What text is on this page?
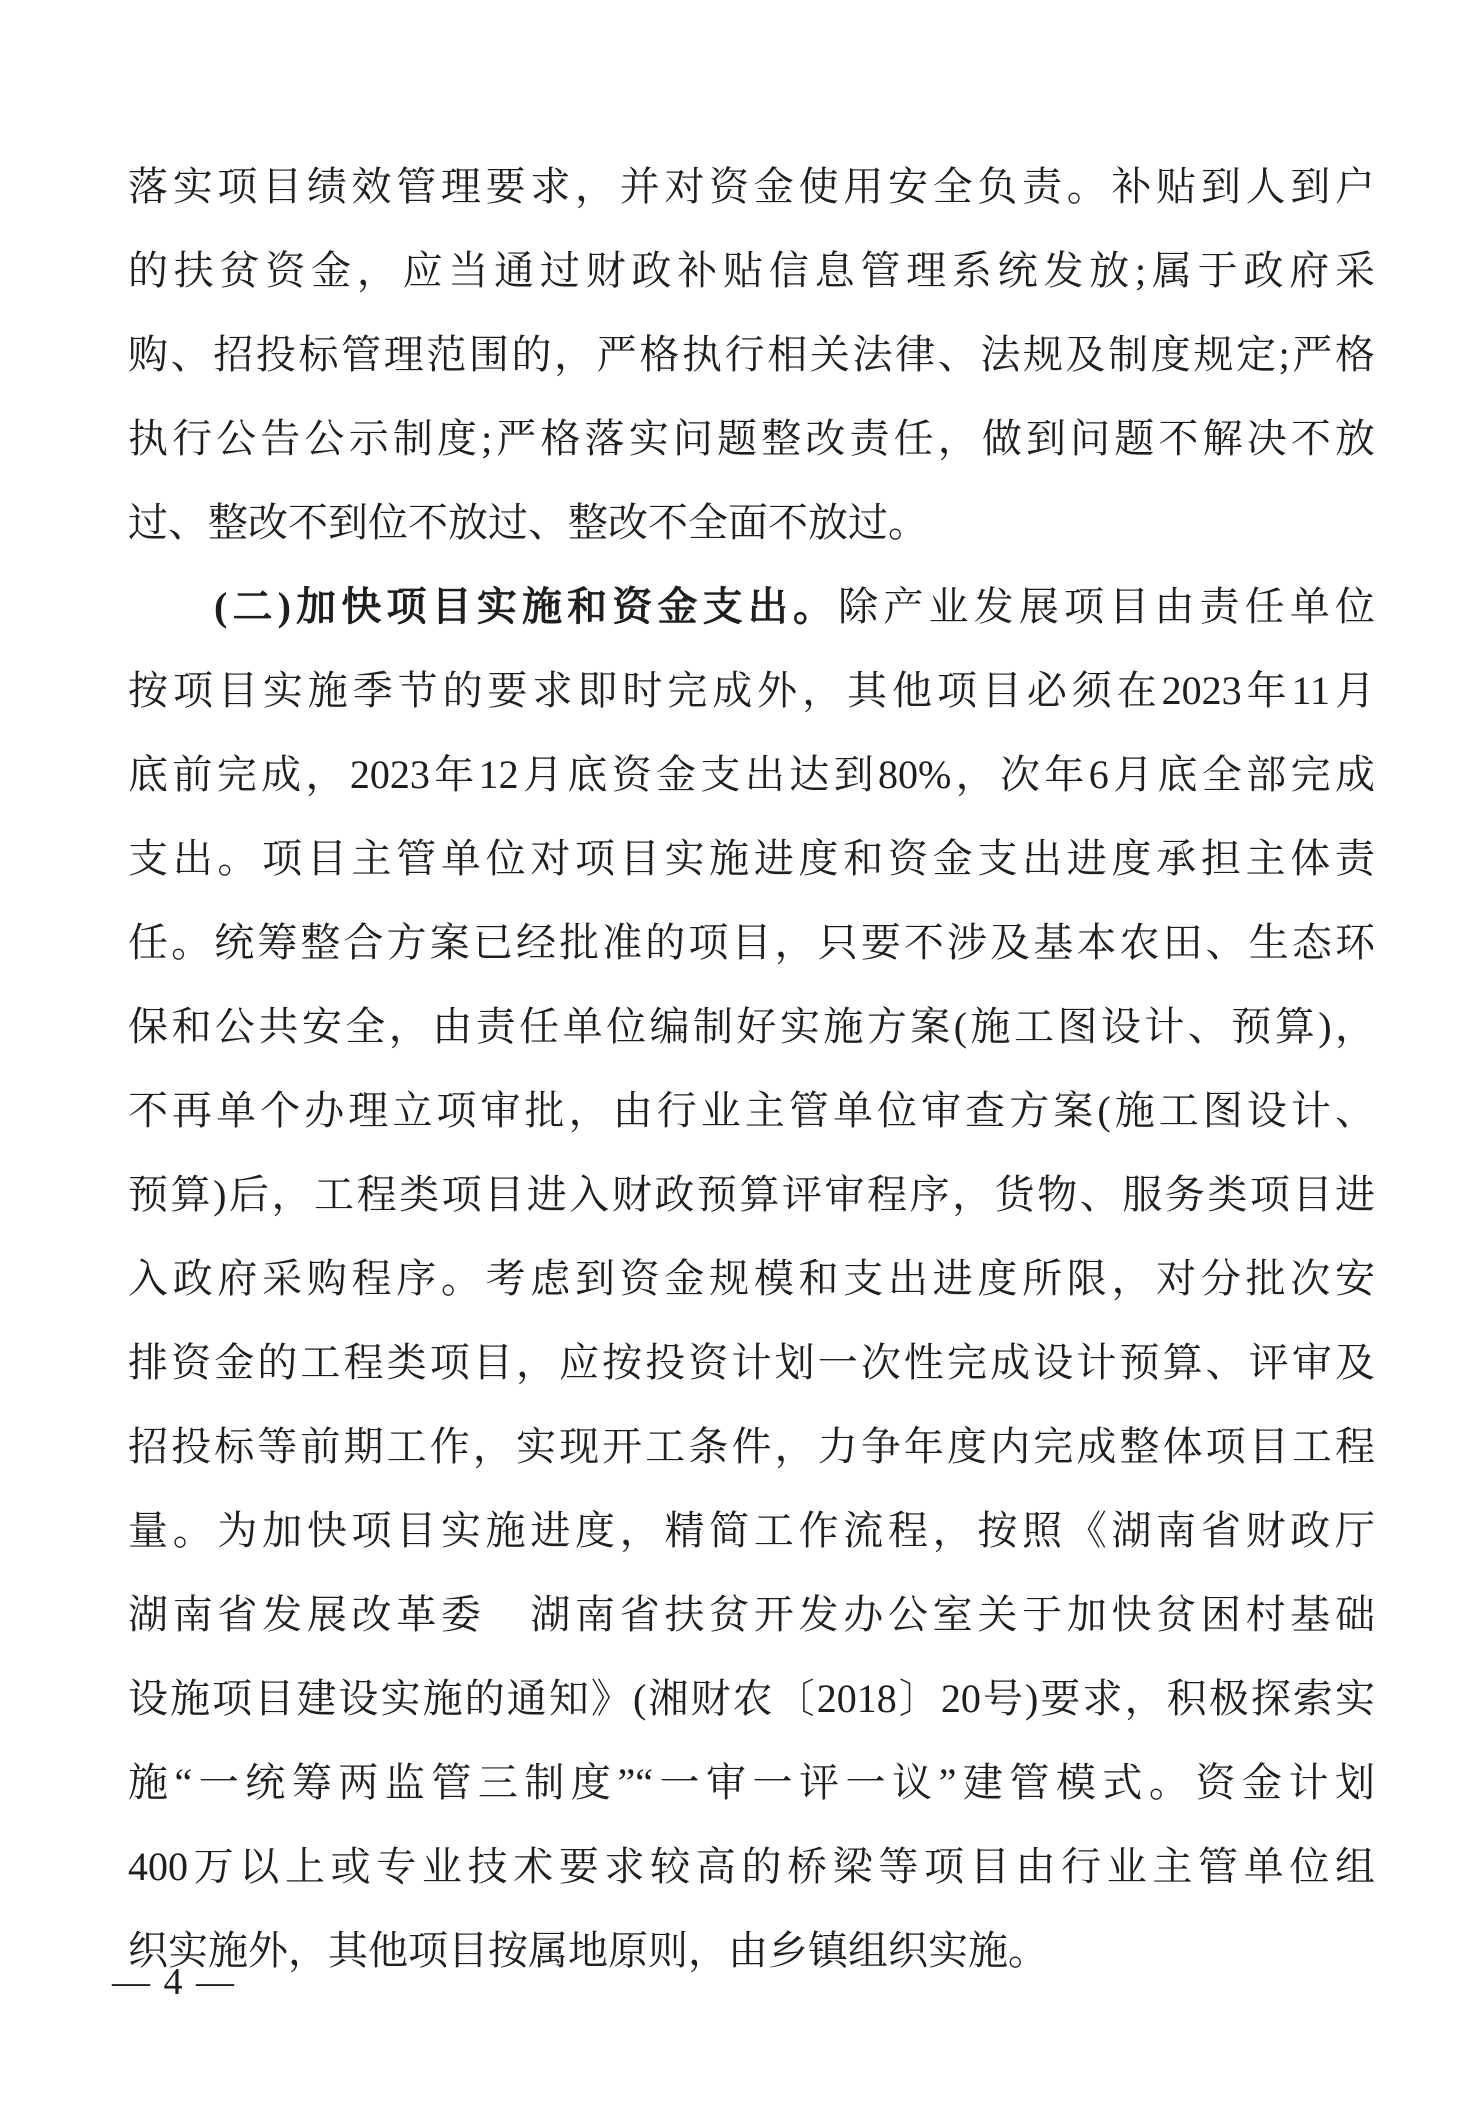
落实项目绩效管理要求，并对资金使用安全负责。补贴到人到户
的扶贫资金，应当通过财政补贴信息管理系统发放;属于政府采
购、招投标管理范围的，严格执行相关法律、法规及制度规定;严格
执行公告公示制度;严格落实问题整改责任，做到问题不解决不放
过、整改不到位不放过、整改不全面不放过。
(二)加快项目实施和资金支出。除产业发展项目由责任单位
按项目实施季节的要求即时完成外，其他项目必须在2023年11月
底前完成，2023年12月底资金支出达到80%，次年6月底全部完成
支出。项目主管单位对项目实施进度和资金支出进度承担主体责
任。统筹整合方案已经批准的项目，只要不涉及基本农田、生态环
保和公共安全，由责任单位编制好实施方案(施工图设计、预算)，
不再单个办理立项审批，由行业主管单位审查方案(施工图设计、
预算)后，工程类项目进入财政预算评审程序，货物、服务类项目进
入政府采购程序。考虑到资金规模和支出进度所限，对分批次安
排资金的工程类项目，应按投资计划一次性完成设计预算、评审及
招投标等前期工作，实现开工条件，力争年度内完成整体项目工程
量。为加快项目实施进度，精简工作流程，按照《湖南省财政厅
湖南省发展改革委　湖南省扶贫开发办公室关于加快贫困村基础
设施项目建设实施的通知》(湘财农〔2018〕20号)要求，积极探索实
施“一统筹两监管三制度”“一审一评一议”建管模式。资金计划
400万以上或专业技术要求较高的桥梁等项目由行业主管单位组
织实施外，其他项目按属地原则，由乡镇组织实施。
— 4 —
